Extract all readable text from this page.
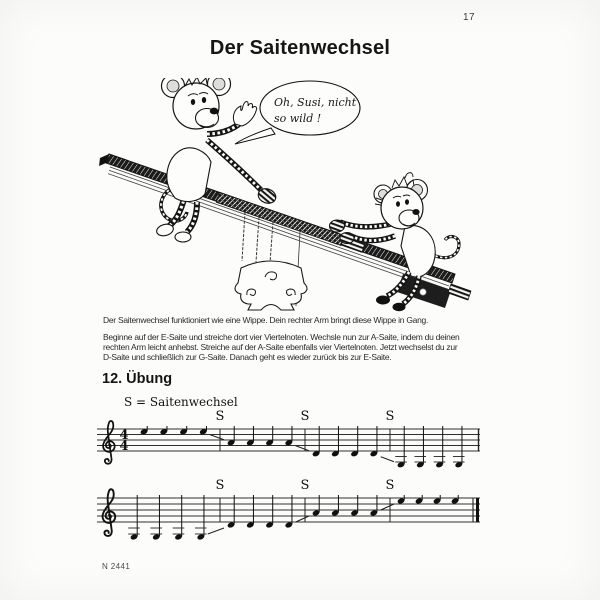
17
Der Saitenwechsel
Oh, Susi, nicht
so wild !
Der Saitenwechsel funktioniert wie eine Wippe. Dein rechter Arm bringt diese Wippe in Gang.
Beginne auf der E-Saite und streiche dort vier Viertelnoten. Wechsle nun zur A-Saite, indem du deinen
rechten Arm leicht anhebst. Streiche auf der A-Saite ebenfalls vier Viertelnoten. Jetzt wechselst du zur
D-Saite und schließlich zur G-Saite. Danach geht es wieder zurück bis zur E-Saite.
12. Übung
S = Saitenwechsel
4
4
S	S	S
S	S	S
N 2441
